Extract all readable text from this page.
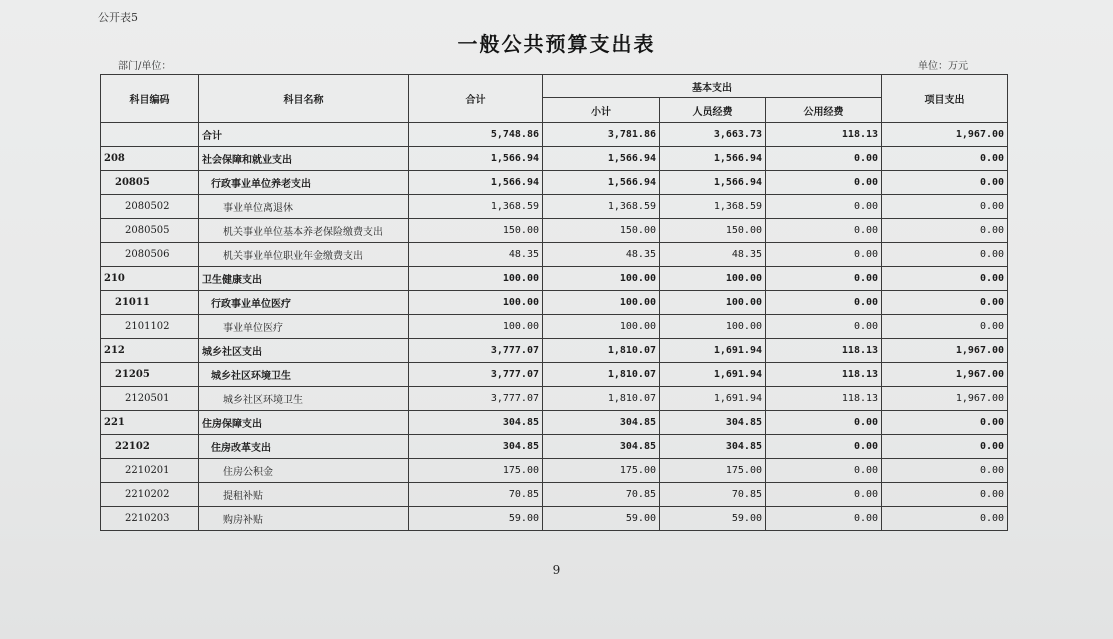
公开表5
一般公共预算支出表
部门/单位：	单位：万元
科目编码	科目名称	合计	基本支出			项目支出
			小计	人员经费	公用经费	
	合计	5,748.86	3,781.86	3,663.73	118.13	1,967.00
208	社会保障和就业支出	1,566.94	1,566.94	1,566.94	0.00	0.00
20805	行政事业单位养老支出	1,566.94	1,566.94	1,566.94	0.00	0.00
2080502	事业单位离退休	1,368.59	1,368.59	1,368.59	0.00	0.00
2080505	机关事业单位基本养老保险缴费支出	150.00	150.00	150.00	0.00	0.00
2080506	机关事业单位职业年金缴费支出	48.35	48.35	48.35	0.00	0.00
210	卫生健康支出	100.00	100.00	100.00	0.00	0.00
21011	行政事业单位医疗	100.00	100.00	100.00	0.00	0.00
2101102	事业单位医疗	100.00	100.00	100.00	0.00	0.00
212	城乡社区支出	3,777.07	1,810.07	1,691.94	118.13	1,967.00
21205	城乡社区环境卫生	3,777.07	1,810.07	1,691.94	118.13	1,967.00
2120501	城乡社区环境卫生	3,777.07	1,810.07	1,691.94	118.13	1,967.00
221	住房保障支出	304.85	304.85	304.85	0.00	0.00
22102	住房改革支出	304.85	304.85	304.85	0.00	0.00
2210201	住房公积金	175.00	175.00	175.00	0.00	0.00
2210202	提租补贴	70.85	70.85	70.85	0.00	0.00
2210203	购房补贴	59.00	59.00	59.00	0.00	0.00
9
